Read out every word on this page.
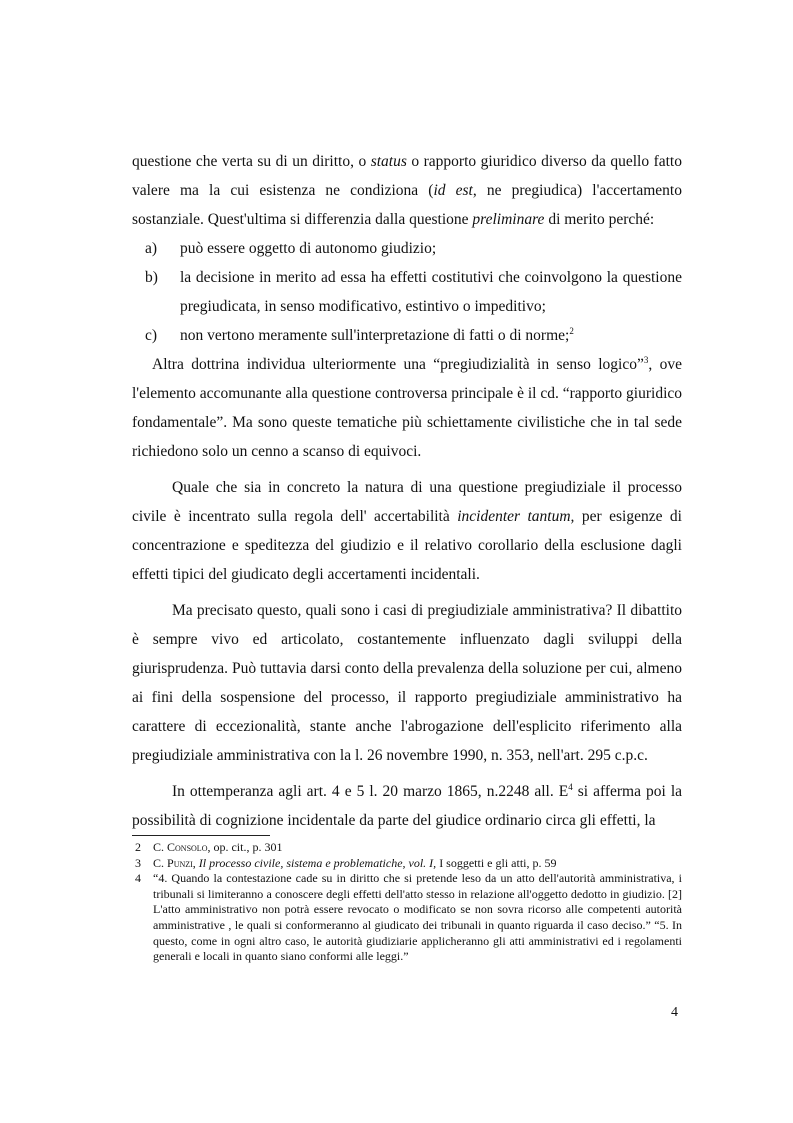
questione che verta su di un diritto, o status o rapporto giuridico diverso da quello fatto valere ma la cui esistenza ne condiziona (id est, ne pregiudica) l'accertamento sostanziale. Quest'ultima si differenzia dalla questione preliminare di merito perché:

a) può essere oggetto di autonomo giudizio;
b) la decisione in merito ad essa ha effetti costitutivi che coinvolgono la questione pregiudicata, in senso modificativo, estintivo o impeditivo;
c) non vertono meramente sull'interpretazione di fatti o di norme;$^2$

Altra dottrina individua ulteriormente una “pregiudizialità in senso logico”$^3$, ove l'elemento accomunante alla questione controversa principale è il cd. “rapporto giuridico fondamentale”. Ma sono queste tematiche più schiettamente civilistiche che in tal sede richiedono solo un cenno a scanso di equivoci.

Quale che sia in concreto la natura di una questione pregiudiziale il processo civile è incentrato sulla regola dell' accertabilità incidenter tantum, per esigenze di concentrazione e speditezza del giudizio e il relativo corollario della esclusione dagli effetti tipici del giudicato degli accertamenti incidentali.

Ma precisato questo, quali sono i casi di pregiudiziale amministrativa? Il dibattito è sempre vivo ed articolato, costantemente influenzato dagli sviluppi della giurisprudenza. Può tuttavia darsi conto della prevalenza della soluzione per cui, almeno ai fini della sospensione del processo, il rapporto pregiudiziale amministrativo ha carattere di eccezionalità, stante anche l'abrogazione dell'esplicito riferimento alla pregiudiziale amministrativa con la l. 26 novembre 1990, n. 353, nell'art. 295 c.p.c.

In ottemperanza agli art. 4 e 5 l. 20 marzo 1865, n.2248 all. $E^4$ si afferma poi la possibilità di cognizione incidentale da parte del giudice ordinario circa gli effetti, la

2 C. Consolo, op. cit., p. 301

3 C. Punzi, Il processo civile, sistema e problematiche, vol. I, I soggetti e gli atti, p. 59

4 “4. Quando la contestazione cade su in diritto che si pretende leso da un atto dell'autorità amministrativa, i tribunali si limiteranno a conoscere degli effetti dell'atto stesso in relazione all'oggetto dedotto in giudizio. [2] L'atto amministrativo non potrà essere revocato o modificato se non sovra ricorso alle competenti autorità amministrative , le quali si conformeranno al giudicato dei tribunali in quanto riguarda il caso deciso.” “5. In questo, come in ogni altro caso, le autorità giudiziarie applicheranno gli atti amministrativi ed i regolamenti generali e locali in quanto siano conformi alle leggi.”

4
